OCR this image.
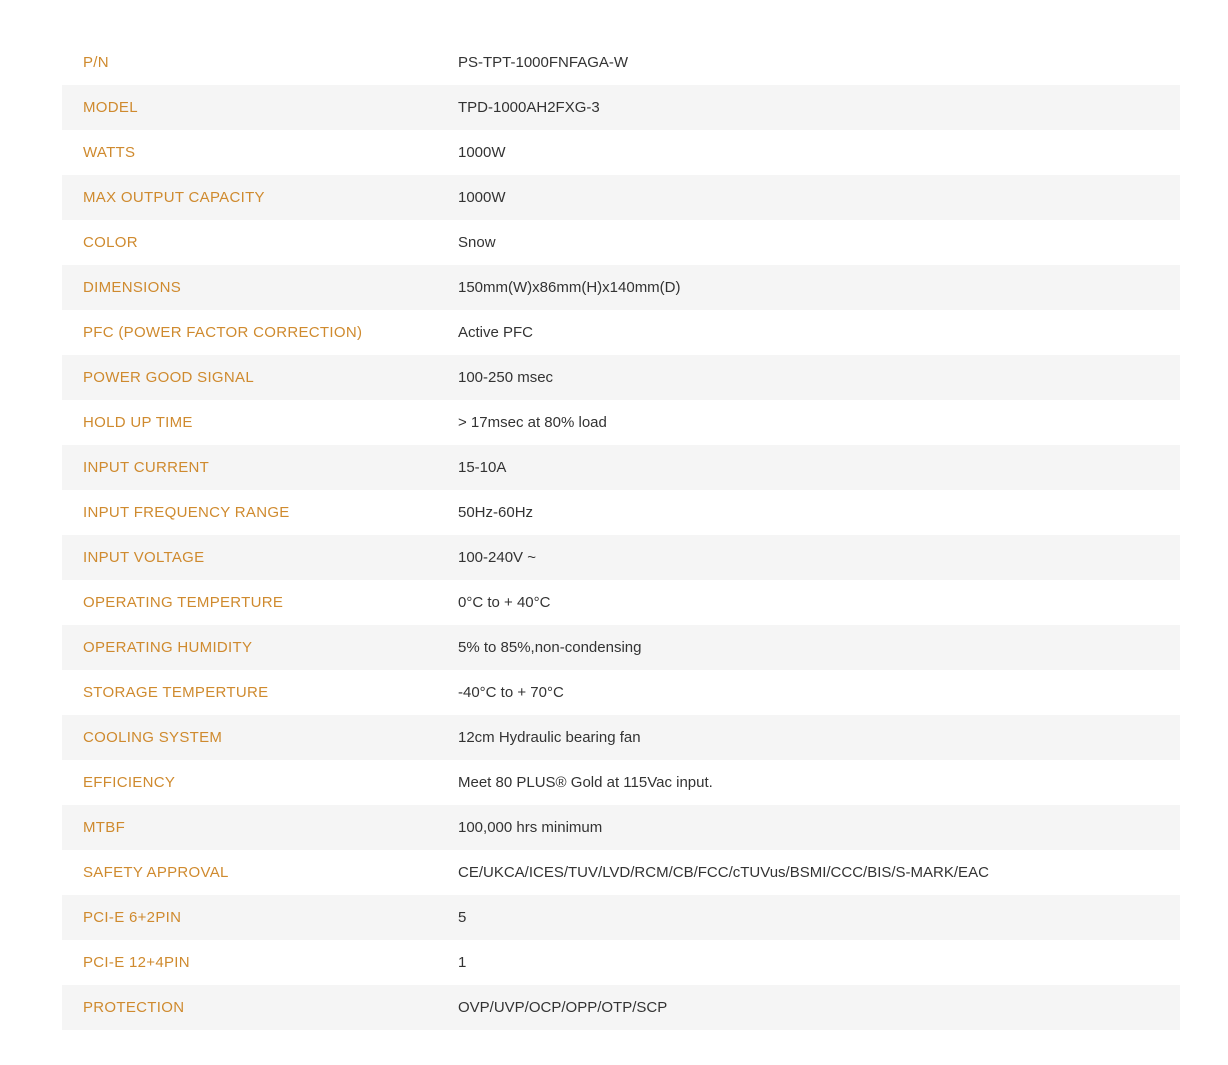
P/N	PS-TPT-1000FNFAGA-W
MODEL	TPD-1000AH2FXG-3
WATTS	1000W
MAX OUTPUT CAPACITY	1000W
COLOR	Snow
DIMENSIONS	150mm(W)x86mm(H)x140mm(D)
PFC (POWER FACTOR CORRECTION)	Active PFC
POWER GOOD SIGNAL	100-250 msec
HOLD UP TIME	> 17msec at 80% load
INPUT CURRENT	15-10A
INPUT FREQUENCY RANGE	50Hz-60Hz
INPUT VOLTAGE	100-240V ~
OPERATING TEMPERTURE	0°C to + 40°C
OPERATING HUMIDITY	5% to 85%,non-condensing
STORAGE TEMPERTURE	-40°C to + 70°C
COOLING SYSTEM	12cm Hydraulic bearing fan
EFFICIENCY	Meet 80 PLUS® Gold at 115Vac input.
MTBF	100,000 hrs minimum
SAFETY APPROVAL	CE/UKCA/ICES/TUV/LVD/RCM/CB/FCC/cTUVus/BSMI/CCC/BIS/S-MARK/EAC
PCI-E 6+2PIN	5
PCI-E 12+4PIN	1
PROTECTION	OVP/UVP/OCP/OPP/OTP/SCP
